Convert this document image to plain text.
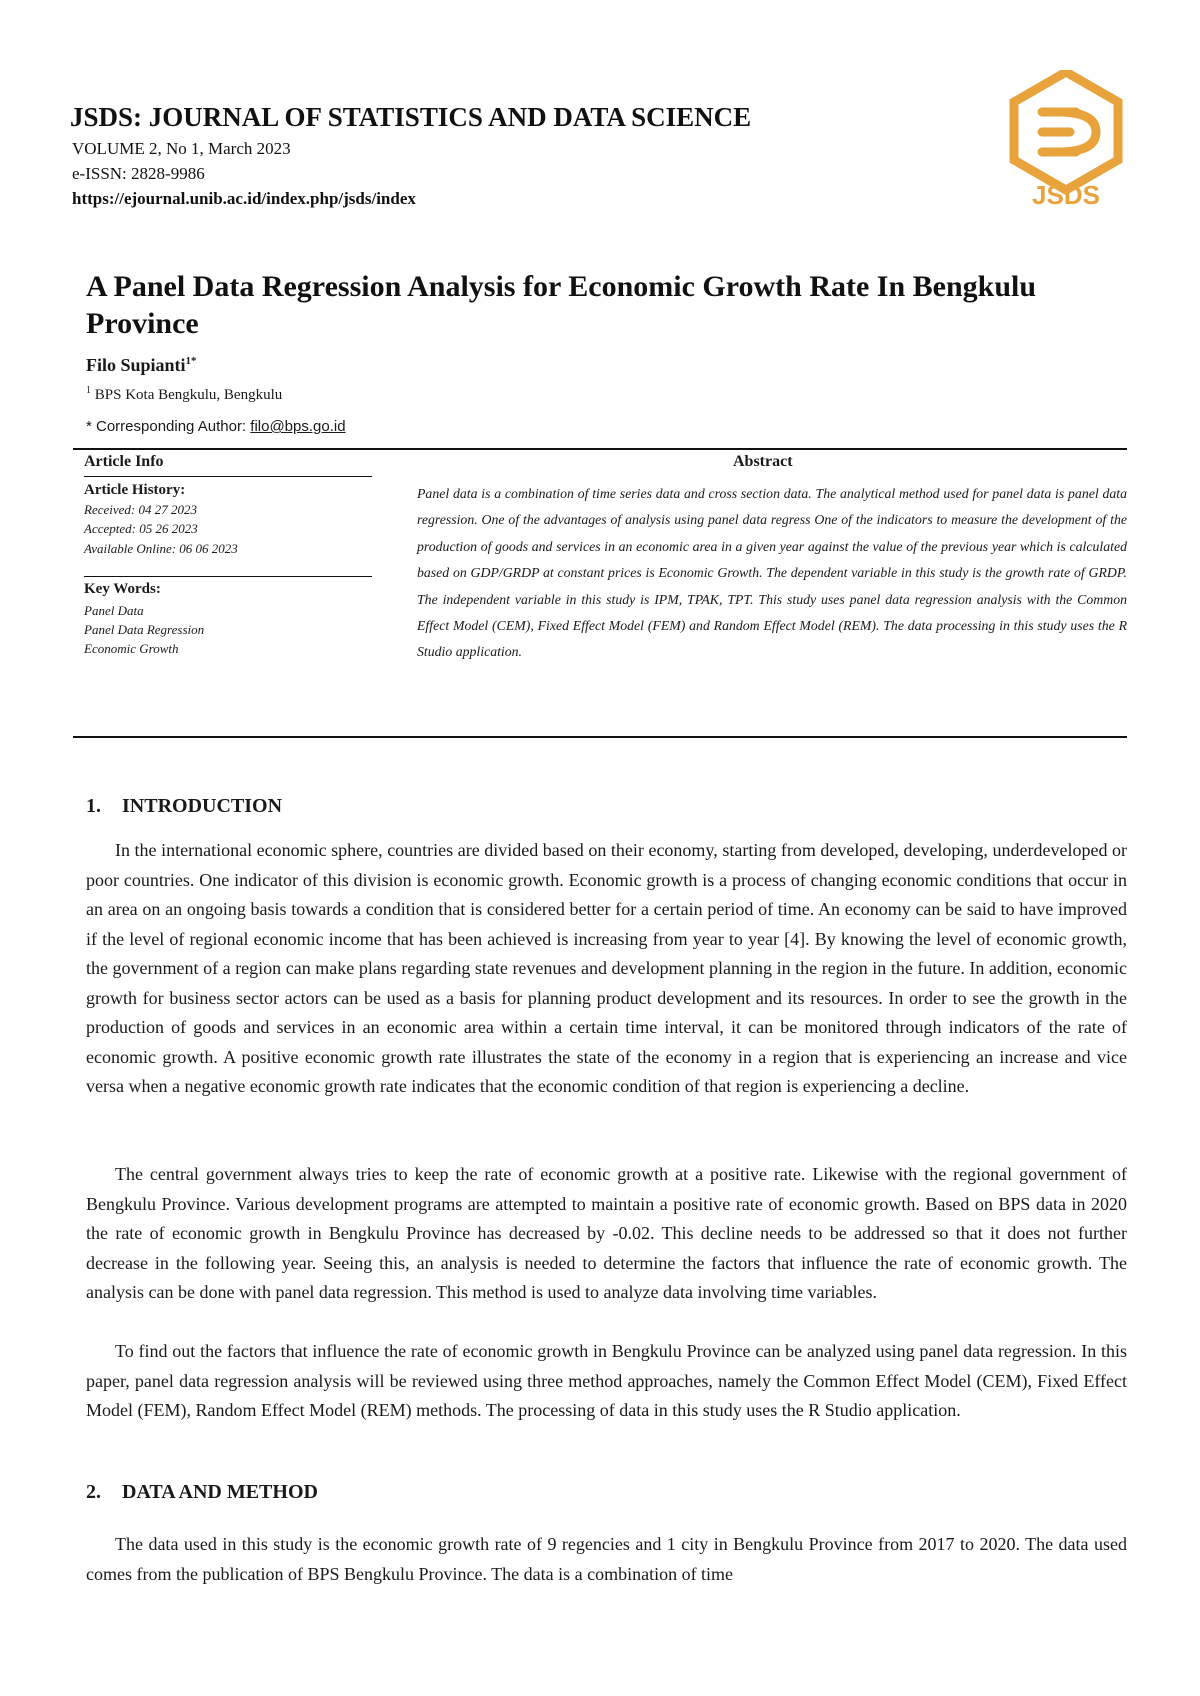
JSDS: JOURNAL OF STATISTICS AND DATA SCIENCE
VOLUME 2, No 1, March 2023
e-ISSN: 2828-9986
https://ejournal.unib.ac.id/index.php/jsds/index	JSDS
A Panel Data Regression Analysis for Economic Growth Rate In Bengkulu Province
Filo Supianti$^{1*}$
$^1$ BPS Kota Bengkulu, Bengkulu
* Corresponding Author: filo@bps.go.id
Article Info	Abstract
Article History:
Received: 04 27 2023
Accepted: 05 26 2023
Available Online: 06 06 2023
Key Words:
Panel Data
Panel Data Regression
Economic Growth
Panel data is a combination of time series data and cross section data. The analytical method used for panel data is panel data regression. One of the advantages of analysis using panel data regress One of the indicators to measure the development of the production of goods and services in an economic area in a given year against the value of the previous year which is calculated based on GDP/GRDP at constant prices is Economic Growth. The dependent variable in this study is the growth rate of GRDP. The independent variable in this study is IPM, TPAK, TPT. This study uses panel data regression analysis with the Common Effect Model (CEM), Fixed Effect Model (FEM) and Random Effect Model (REM). The data processing in this study uses the R Studio application.
1. INTRODUCTION
In the international economic sphere, countries are divided based on their economy, starting from developed, developing, underdeveloped or poor countries. One indicator of this division is economic growth. Economic growth is a process of changing economic conditions that occur in an area on an ongoing basis towards a condition that is considered better for a certain period of time. An economy can be said to have improved if the level of regional economic income that has been achieved is increasing from year to year [4]. By knowing the level of economic growth, the government of a region can make plans regarding state revenues and development planning in the region in the future. In addition, economic growth for business sector actors can be used as a basis for planning product development and its resources. In order to see the growth in the production of goods and services in an economic area within a certain time interval, it can be monitored through indicators of the rate of economic growth. A positive economic growth rate illustrates the state of the economy in a region that is experiencing an increase and vice versa when a negative economic growth rate indicates that the economic condition of that region is experiencing a decline.
The central government always tries to keep the rate of economic growth at a positive rate. Likewise with the regional government of Bengkulu Province. Various development programs are attempted to maintain a positive rate of economic growth. Based on BPS data in 2020 the rate of economic growth in Bengkulu Province has decreased by -0.02. This decline needs to be addressed so that it does not further decrease in the following year. Seeing this, an analysis is needed to determine the factors that influence the rate of economic growth. The analysis can be done with panel data regression. This method is used to analyze data involving time variables.
To find out the factors that influence the rate of economic growth in Bengkulu Province can be analyzed using panel data regression. In this paper, panel data regression analysis will be reviewed using three method approaches, namely the Common Effect Model (CEM), Fixed Effect Model (FEM), Random Effect Model (REM) methods. The processing of data in this study uses the R Studio application.
2. DATA AND METHOD
The data used in this study is the economic growth rate of 9 regencies and 1 city in Bengkulu Province from 2017 to 2020. The data used comes from the publication of BPS Bengkulu Province. The data is a combination of time
